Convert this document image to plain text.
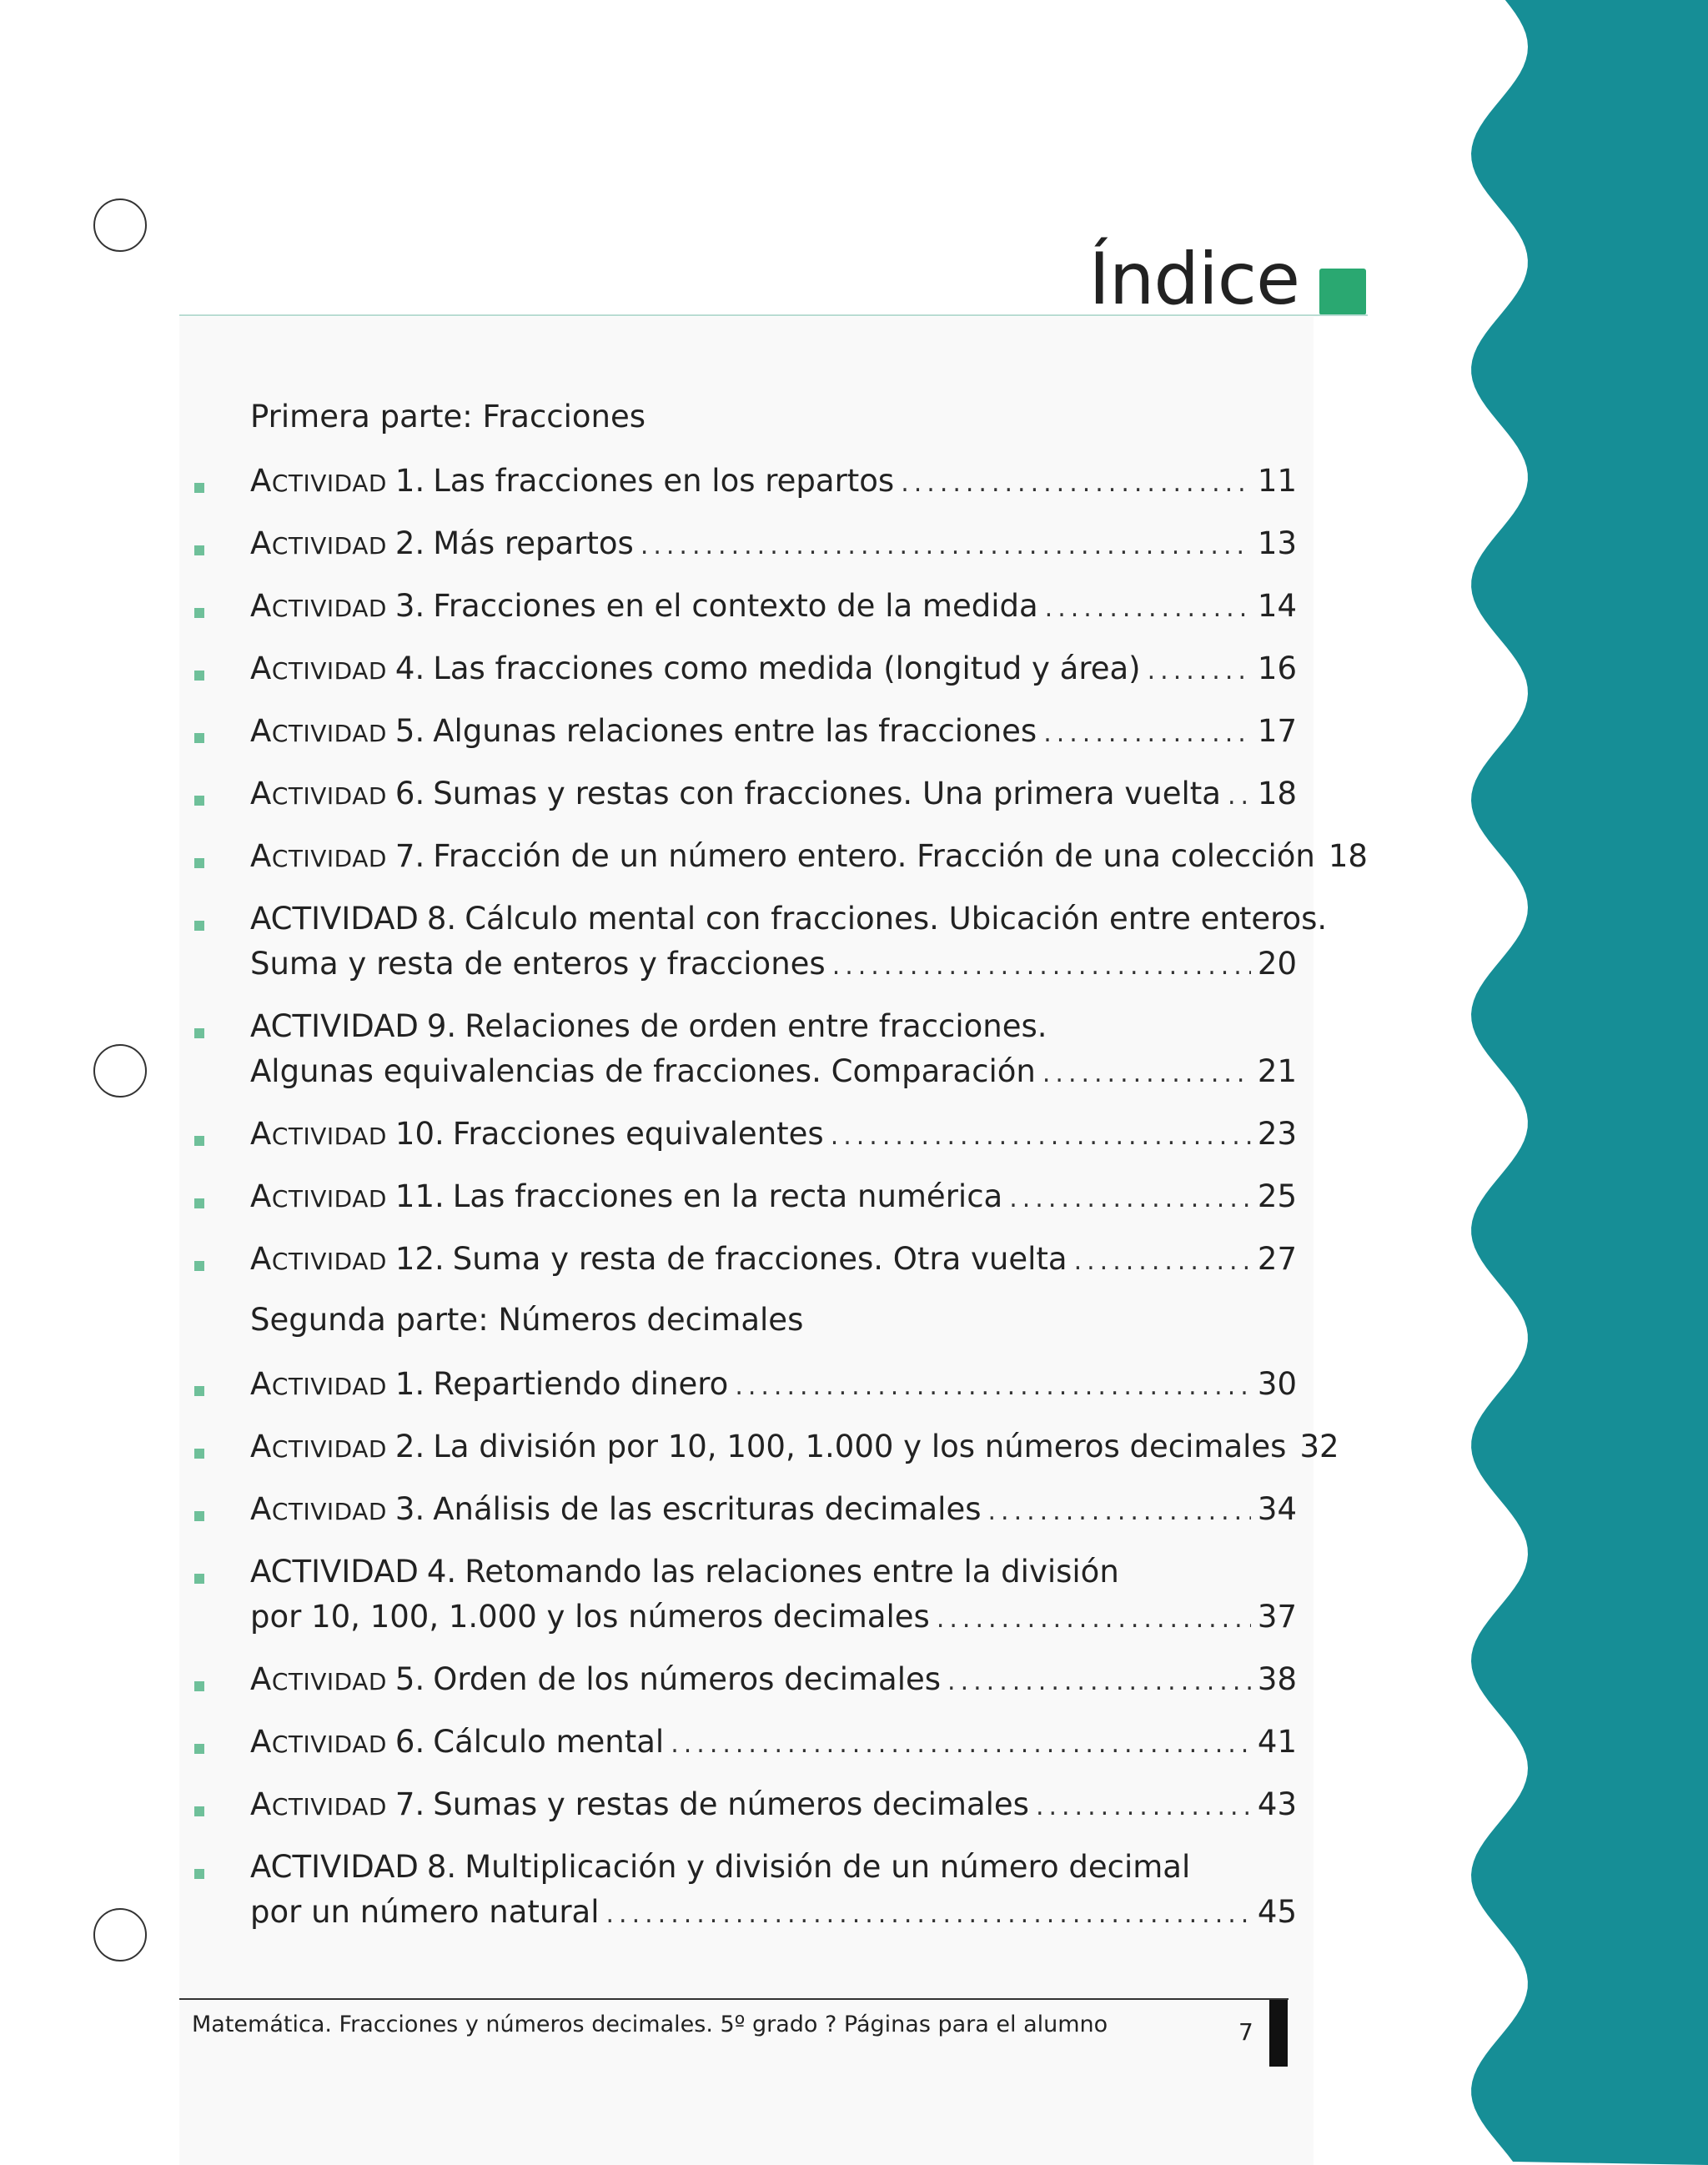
Índice
Primera parte: Fracciones
Segunda parte: Números decimales
ACTIVIDAD 1. Las fracciones en los repartos .....	11
ACTIVIDAD 2. Más repartos .....	13
ACTIVIDAD 3. Fracciones en el contexto de la medida .....	14
ACTIVIDAD 4. Las fracciones como medida (longitud y área) .....	16
ACTIVIDAD 5. Algunas relaciones entre las fracciones .....	17
ACTIVIDAD 6. Sumas y restas con fracciones. Una primera vuelta ..... 18
ACTIVIDAD 7. Fracción de un número entero. Fracción de una colección 18
ACTIVIDAD 8. Cálculo mental con fracciones. Ubicación entre enteros.
Suma y resta de enteros y fracciones .....	20
ACTIVIDAD 9. Relaciones de orden entre fracciones.
Algunas equivalencias de fracciones. Comparación .....	21
ACTIVIDAD 10. Fracciones equivalentes .....	23
ACTIVIDAD 11. Las fracciones en la recta numérica .....	25
ACTIVIDAD 12. Suma y resta de fracciones. Otra vuelta .....	27
ACTIVIDAD 1. Repartiendo dinero .....	30
ACTIVIDAD 2. La división por 10, 100, 1.000 y los números decimales 32
ACTIVIDAD 3. Análisis de las escrituras decimales .....	34
ACTIVIDAD 4. Retomando las relaciones entre la división
por 10, 100, 1.000 y los números decimales .....	37
ACTIVIDAD 5. Orden de los números decimales .....	38
ACTIVIDAD 6. Cálculo mental .....	41
ACTIVIDAD 7. Sumas y restas de números decimales .....	43
ACTIVIDAD 8. Multiplicación y división de un número decimal
por un número natural .....	45
Matemática. Fracciones y números decimales. 5º grado ? Páginas para el alumno	7
